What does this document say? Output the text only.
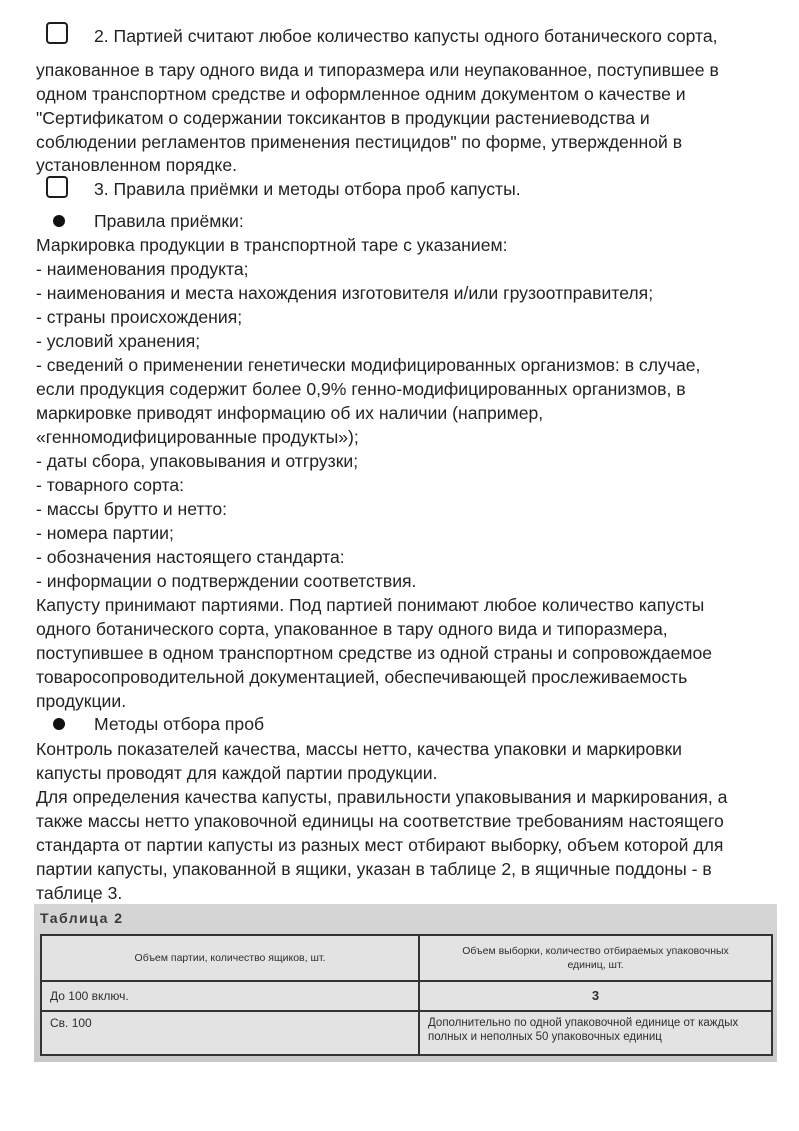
2. Партией считают любое количество капусты одного ботанического сорта,
упакованное в тару одного вида и типоразмера или неупакованное, поступившее в
одном транспортном средстве и оформленное одним документом о качестве и
"Сертификатом о содержании токсикантов в продукции растениеводства и
соблюдении регламентов применения пестицидов" по форме, утвержденной в
установленном порядке.
3. Правила приёмки и методы отбора проб капусты.
Правила приёмки:
Маркировка продукции в транспортной таре с указанием:
- наименования продукта;
- наименования и места нахождения изготовителя и/или грузоотправителя;
- страны происхождения;
- условий хранения;
- сведений о применении генетически модифицированных организмов: в случае,
если продукция содержит более 0,9% генно-модифицированных организмов, в
маркировке приводят информацию об их наличии (например,
«генномодифицированные продукты»);
- даты сбора, упаковывания и отгрузки;
- товарного сорта:
- массы брутто и нетто:
- номера партии;
- обозначения настоящего стандарта:
- информации о подтверждении соответствия.
Капусту принимают партиями. Под партией понимают любое количество капусты
одного ботанического сорта, упакованное в тару одного вида и типоразмера,
поступившее в одном транспортном средстве из одной страны и сопровождаемое
товаросопроводительной документацией, обеспечивающей прослеживаемость
продукции.
Методы отбора проб
Контроль показателей качества, массы нетто, качества упаковки и маркировки
капусты проводят для каждой партии продукции.
Для определения качества капусты, правильности упаковывания и маркирования, а
также массы нетто упаковочной единицы на соответствие требованиям настоящего
стандарта от партии капусты из разных мест отбирают выборку, объем которой для
партии капусты, упакованной в ящики, указан в таблице 2, в ящичные поддоны - в
таблице 3.
Таблица 2
Объем партии, количество ящиков, шт.
Объем выборки, количество отбираемых упаковочных единиц, шт.
До 100 включ.	3
Св. 100	Дополнительно по одной упаковочной единице от каждых полных и неполных 50 упаковочных единиц
